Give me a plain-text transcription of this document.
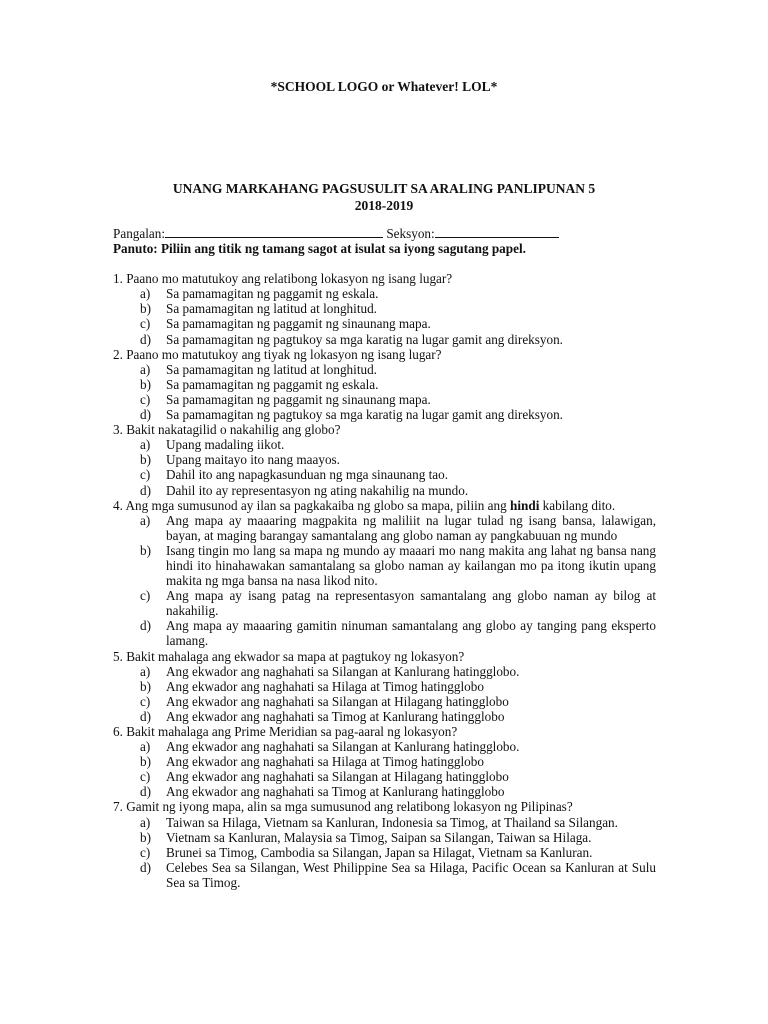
*SCHOOL LOGO or Whatever! LOL*
UNANG MARKAHANG PAGSUSULIT SA ARALING PANLIPUNAN 5
2018-2019
Pangalan:	Seksyon:
Panuto: Piliin ang titik ng tamang sagot at isulat sa iyong sagutang papel.
1. Paano mo matutukoy ang relatibong lokasyon ng isang lugar?
a) Sa pamamagitan ng paggamit ng eskala.
b) Sa pamamagitan ng latitud at longhitud.
c) Sa pamamagitan ng paggamit ng sinaunang mapa.
d) Sa pamamagitan ng pagtukoy sa mga karatig na lugar gamit ang direksyon.
2. Paano mo matutukoy ang tiyak ng lokasyon ng isang lugar?
a) Sa pamamagitan ng latitud at longhitud.
b) Sa pamamagitan ng paggamit ng eskala.
c) Sa pamamagitan ng paggamit ng sinaunang mapa.
d) Sa pamamagitan ng pagtukoy sa mga karatig na lugar gamit ang direksyon.
3. Bakit nakatagilid o nakahilig ang globo?
a) Upang madaling iikot.
b) Upang maitayo ito nang maayos.
c) Dahil ito ang napagkasunduan ng mga sinaunang tao.
d) Dahil ito ay representasyon ng ating nakahilig na mundo.
4. Ang mga sumusunod ay ilan sa pagkakaiba ng globo sa mapa, piliin ang hindi kabilang dito.
a) Ang mapa ay maaaring magpakita ng maliliit na lugar tulad ng isang bansa, lalawigan, bayan, at maging barangay samantalang ang globo naman ay pangkabuuan ng mundo
b) Isang tingin mo lang sa mapa ng mundo ay maaari mo nang makita ang lahat ng bansa nang hindi ito hinahawakan samantalang sa globo naman ay kailangan mo pa itong ikutin upang makita ng mga bansa na nasa likod nito.
c) Ang mapa ay isang patag na representasyon samantalang ang globo naman ay bilog at nakahilig.
d) Ang mapa ay maaaring gamitin ninuman samantalang ang globo ay tanging pang eksperto lamang.
5. Bakit mahalaga ang ekwador sa mapa at pagtukoy ng lokasyon?
a) Ang ekwador ang naghahati sa Silangan at Kanlurang hatingglobo.
b) Ang ekwador ang naghahati sa Hilaga at Timog hatingglobo
c) Ang ekwador ang naghahati sa Silangan at Hilagang hatingglobo
d) Ang ekwador ang naghahati sa Timog at Kanlurang hatingglobo
6. Bakit mahalaga ang Prime Meridian sa pag-aaral ng lokasyon?
a) Ang ekwador ang naghahati sa Silangan at Kanlurang hatingglobo.
b) Ang ekwador ang naghahati sa Hilaga at Timog hatingglobo
c) Ang ekwador ang naghahati sa Silangan at Hilagang hatingglobo
d) Ang ekwador ang naghahati sa Timog at Kanlurang hatingglobo
7. Gamit ng iyong mapa, alin sa mga sumusunod ang relatibong lokasyon ng Pilipinas?
a) Taiwan sa Hilaga, Vietnam sa Kanluran, Indonesia sa Timog, at Thailand sa Silangan.
b) Vietnam sa Kanluran, Malaysia sa Timog, Saipan sa Silangan, Taiwan sa Hilaga.
c) Brunei sa Timog, Cambodia sa Silangan, Japan sa Hilagat, Vietnam sa Kanluran.
d) Celebes Sea sa Silangan, West Philippine Sea sa Hilaga, Pacific Ocean sa Kanluran at Sulu Sea sa Timog.
